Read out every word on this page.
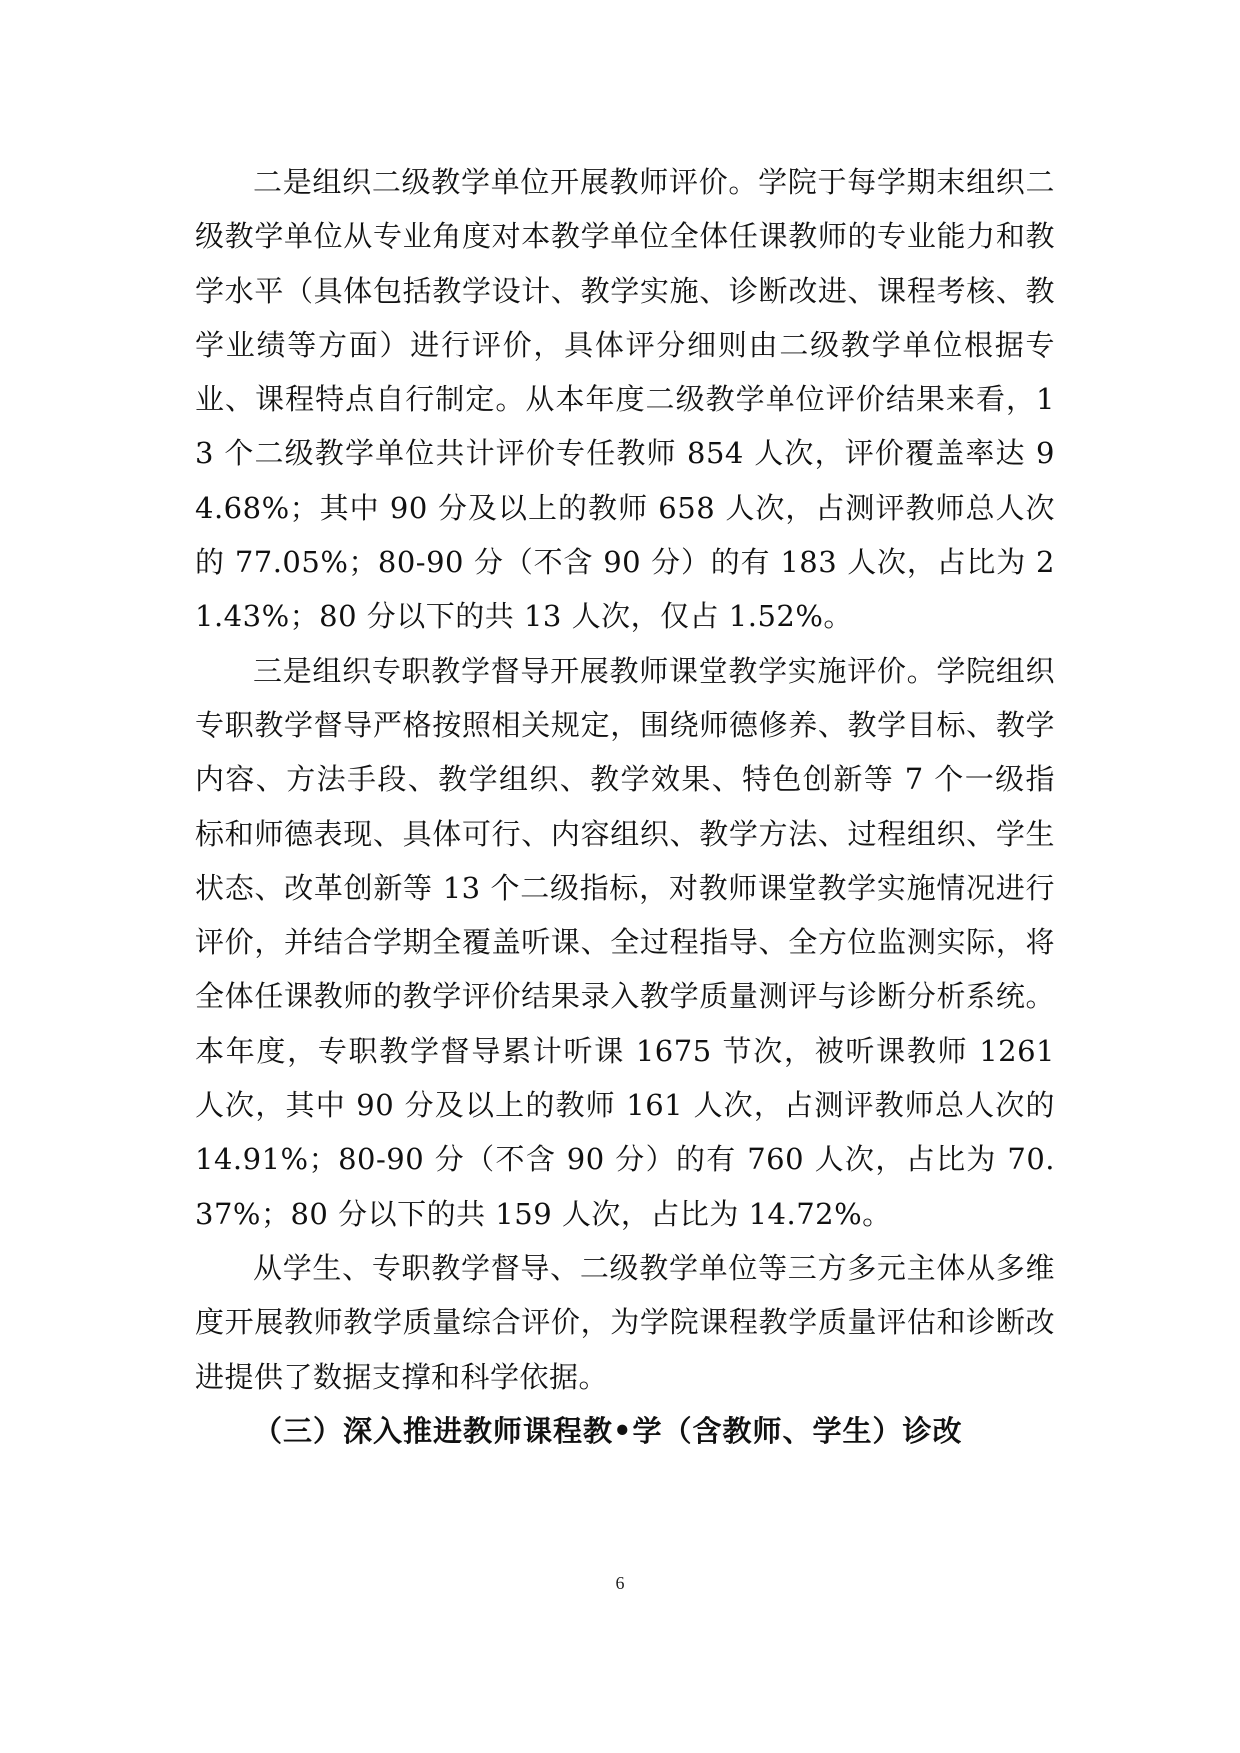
二是组织二级教学单位开展教师评价。学院于每学期末组织二级教学单位从专业角度对本教学单位全体任课教师的专业能力和教学水平（具体包括教学设计、教学实施、诊断改进、课程考核、教学业绩等方面）进行评价，具体评分细则由二级教学单位根据专业、课程特点自行制定。从本年度二级教学单位评价结果来看，13 个二级教学单位共计评价专任教师 854 人次，评价覆盖率达 94.68%；其中 90 分及以上的教师 658 人次，占测评教师总人次的 77.05%；80-90 分（不含 90 分）的有 183 人次，占比为 21.43%；80 分以下的共 13 人次，仅占 1.52%。

三是组织专职教学督导开展教师课堂教学实施评价。学院组织专职教学督导严格按照相关规定，围绕师德修养、教学目标、教学内容、方法手段、教学组织、教学效果、特色创新等 7 个一级指标和师德表现、具体可行、内容组织、教学方法、过程组织、学生状态、改革创新等 13 个二级指标，对教师课堂教学实施情况进行评价，并结合学期全覆盖听课、全过程指导、全方位监测实际，将全体任课教师的教学评价结果录入教学质量测评与诊断分析系统。本年度，专职教学督导累计听课 1675 节次，被听课教师 1261 人次，其中 90 分及以上的教师 161 人次，占测评教师总人次的 14.91%；80-90 分（不含 90 分）的有 760 人次，占比为 70.37%；80 分以下的共 159 人次，占比为 14.72%。

从学生、专职教学督导、二级教学单位等三方多元主体从多维度开展教师教学质量综合评价，为学院课程教学质量评估和诊断改进提供了数据支撑和科学依据。

（三）深入推进教师课程教•学（含教师、学生）诊改

6
